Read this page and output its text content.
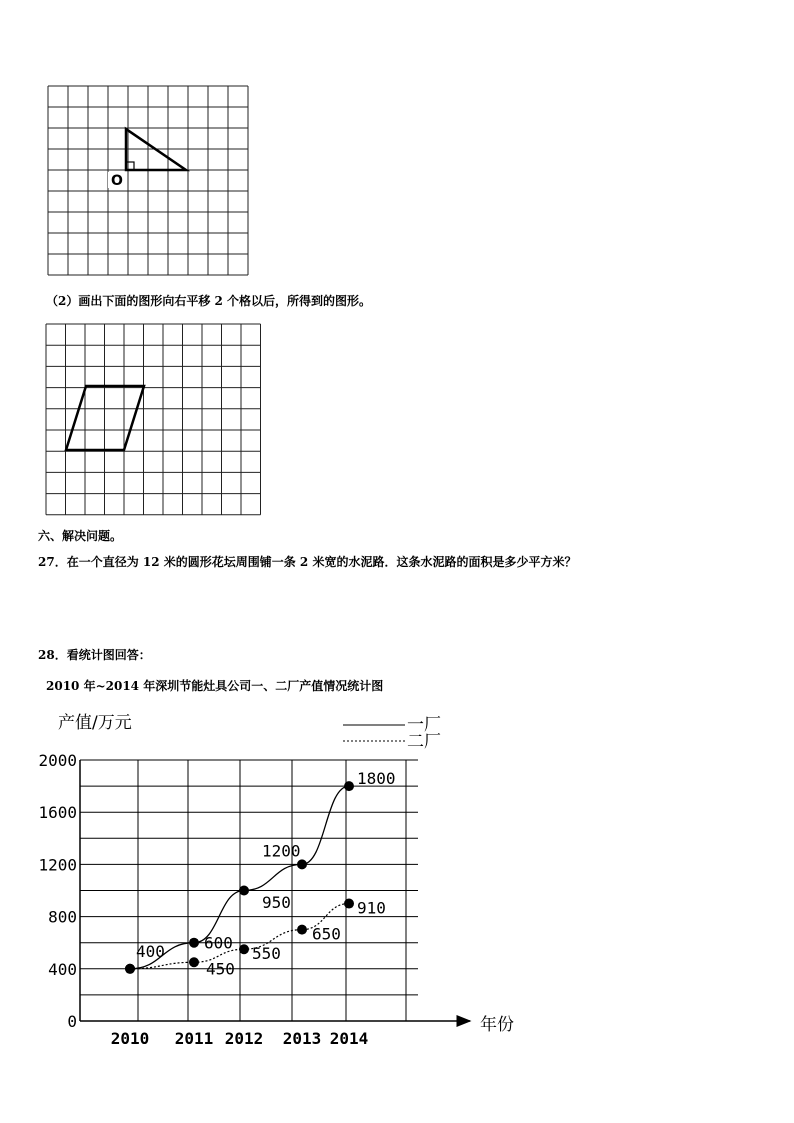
O
（2）画出下面的图形向右平移 2 个格以后，所得到的图形。
六、解决问题。
27．在一个直径为 12 米的圆形花坛周围铺一条 2 米宽的水泥路．这条水泥路的面积是多少平方米？
28．看统计图回答：
2010 年~2014 年深圳节能灶具公司一、二厂产值情况统计图
产值/万元
年份
一厂
二厂
400 600
1200
1800
450
550
650
910
950
0
400
800
1200
1600
2000
2010 2011 2012 2013 2014
